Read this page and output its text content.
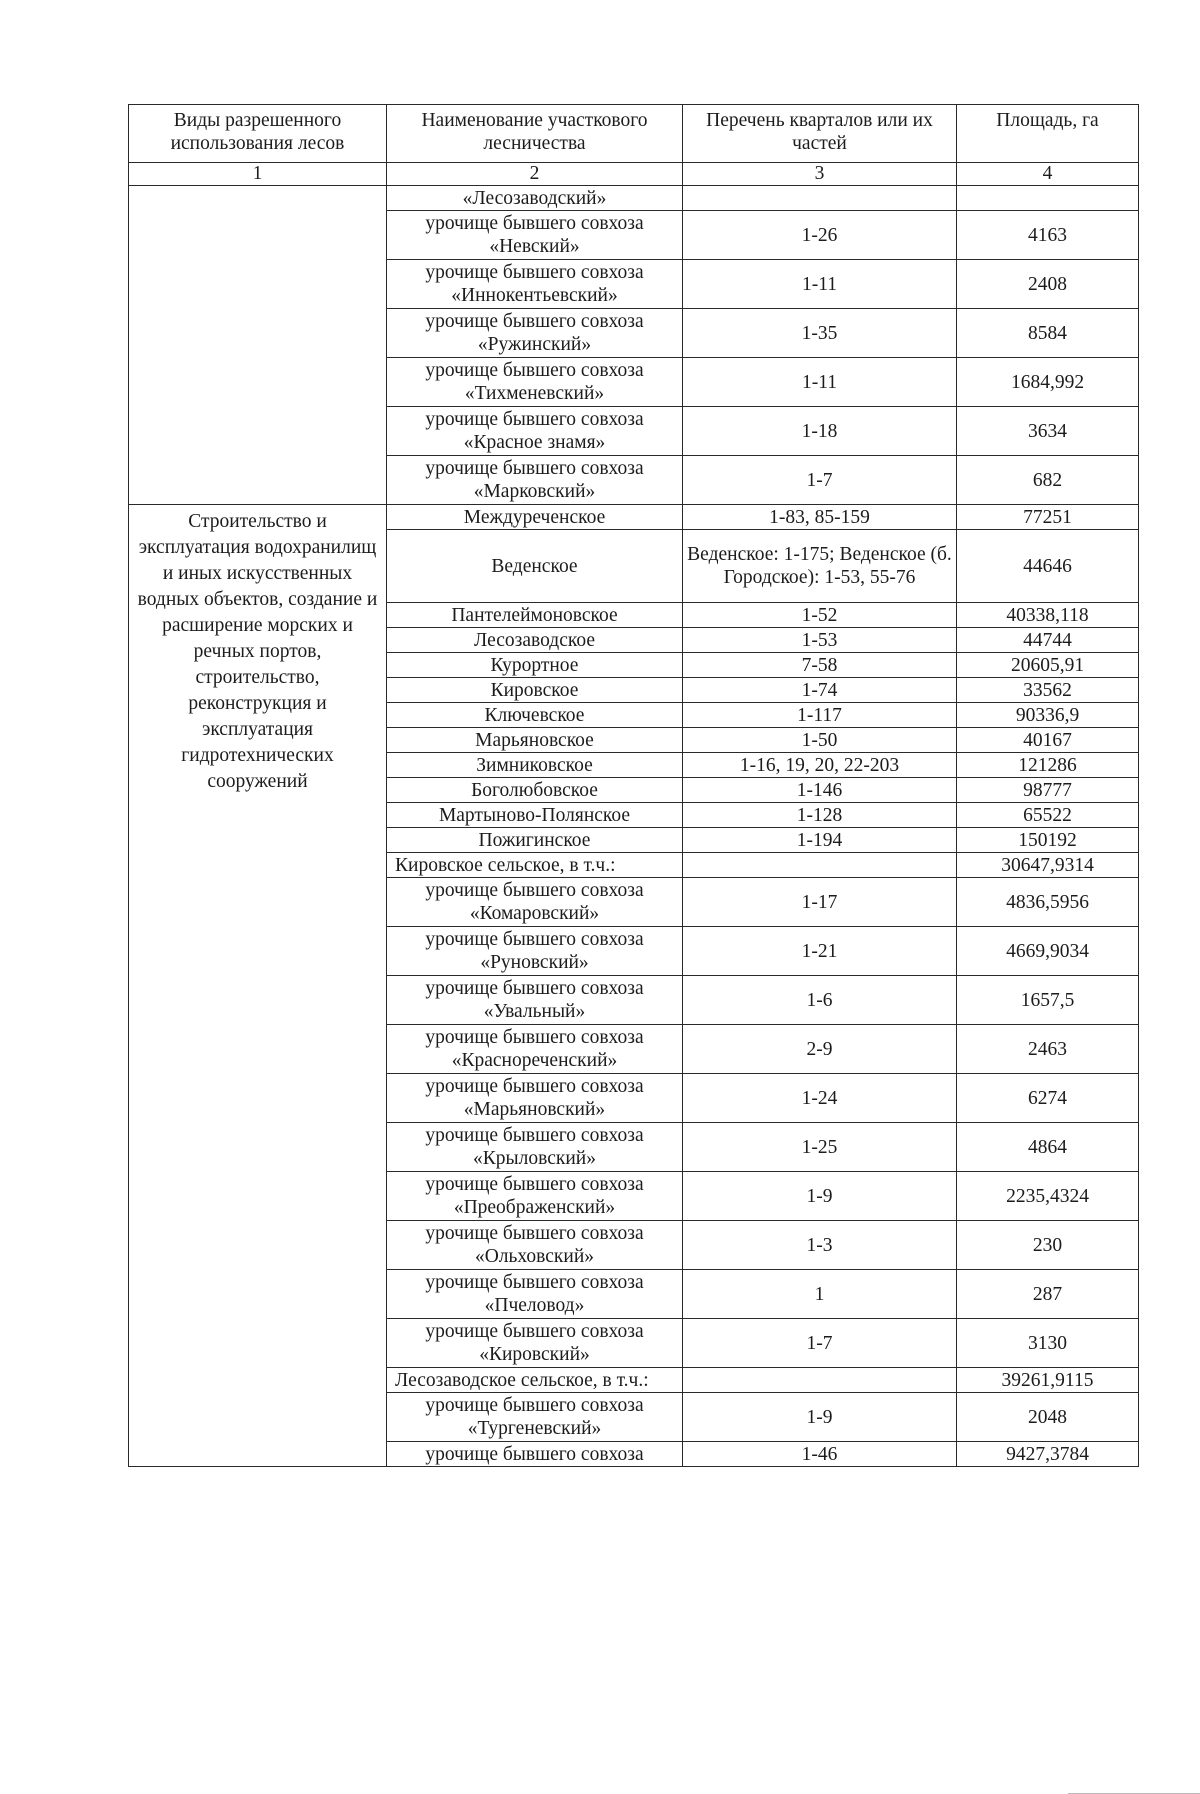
Виды разрешенного использования лесов	Наименование участкового лесничества	Перечень кварталов или их частей	Площадь, га
1	2	3	4
	«Лесозаводский»		
	урочище бывшего совхоза «Невский»	1-26	4163
	урочище бывшего совхоза «Иннокентьевский»	1-11	2408
	урочище бывшего совхоза «Ружинский»	1-35	8584
	урочище бывшего совхоза «Тихменевский»	1-11	1684,992
	урочище бывшего совхоза «Красное знамя»	1-18	3634
	урочище бывшего совхоза «Марковский»	1-7	682
Строительство и эксплуатация водохранилищ и иных искусственных водных объектов, создание и расширение морских и речных портов, строительство, реконструкция и эксплуатация гидротехнических сооружений	Междуреченское	1-83, 85-159	77251
	Веденское	Веденское: 1-175; Веденское (б. Городское): 1-53, 55-76	44646
	Пантелеймоновское	1-52	40338,118
	Лесозаводское	1-53	44744
	Курортное	7-58	20605,91
	Кировское	1-74	33562
	Ключевское	1-117	90336,9
	Марьяновское	1-50	40167
	Зимниковское	1-16, 19, 20, 22-203	121286
	Боголюбовское	1-146	98777
	Мартыново-Полянское	1-128	65522
	Пожигинское	1-194	150192
	Кировское сельское, в т.ч.:		30647,9314
	урочище бывшего совхоза «Комаровский»	1-17	4836,5956
	урочище бывшего совхоза «Руновский»	1-21	4669,9034
	урочище бывшего совхоза «Увальный»	1-6	1657,5
	урочище бывшего совхоза «Краснореченский»	2-9	2463
	урочище бывшего совхоза «Марьяновский»	1-24	6274
	урочище бывшего совхоза «Крыловский»	1-25	4864
	урочище бывшего совхоза «Преображенский»	1-9	2235,4324
	урочище бывшего совхоза «Ольховский»	1-3	230
	урочище бывшего совхоза «Пчеловод»	1	287
	урочище бывшего совхоза «Кировский»	1-7	3130
	Лесозаводское сельское, в т.ч.:		39261,9115
	урочище бывшего совхоза «Тургеневский»	1-9	2048
	урочище бывшего совхоза	1-46	9427,3784
